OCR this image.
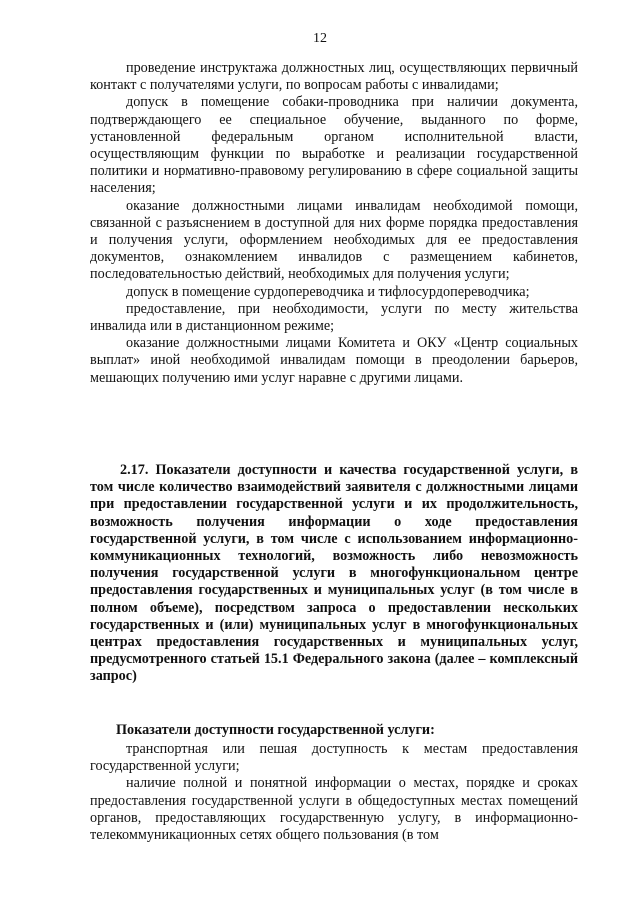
12

проведение инструктажа должностных лиц, осуществляющих первичный контакт с получателями услуги, по вопросам работы с инвалидами;

допуск в помещение собаки-проводника при наличии документа, подтверждающего ее специальное обучение, выданного по форме, установленной федеральным органом исполнительной власти, осуществляющим функции по выработке и реализации государственной политики и нормативно-правовому регулированию в сфере социальной защиты населения;

оказание должностными лицами инвалидам необходимой помощи, связанной с разъяснением в доступной для них форме порядка предоставления и получения услуги, оформлением необходимых для ее предоставления документов, ознакомлением инвалидов с размещением кабинетов, последовательностью действий, необходимых для получения услуги;

допуск в помещение сурдопереводчика и тифлосурдопереводчика;

предоставление, при необходимости, услуги по месту жительства инвалида или в дистанционном режиме;

оказание должностными лицами Комитета и ОКУ «Центр социальных выплат» иной необходимой инвалидам помощи в преодолении барьеров, мешающих получению ими услуг наравне с другими лицами.

2.17. Показатели доступности и качества государственной услуги, в том числе количество взаимодействий заявителя с должностными лицами при предоставлении государственной услуги и их продолжительность, возможность получения информации о ходе предоставления государственной услуги, в том числе с использованием информационно-коммуникационных технологий, возможность либо невозможность получения государственной услуги в многофункциональном центре предоставления государственных и муниципальных услуг (в том числе в полном объеме), посредством запроса о предоставлении нескольких государственных и (или) муниципальных услуг в многофункциональных центрах предоставления государственных и муниципальных услуг, предусмотренного статьей 15.1 Федерального закона (далее – комплексный запрос)

Показатели доступности государственной услуги:

транспортная или пешая доступность к местам предоставления государственной услуги;

наличие полной и понятной информации о местах, порядке и сроках предоставления государственной услуги в общедоступных местах помещений органов, предоставляющих государственную услугу, в информационно-телекоммуникационных сетях общего пользования (в том
